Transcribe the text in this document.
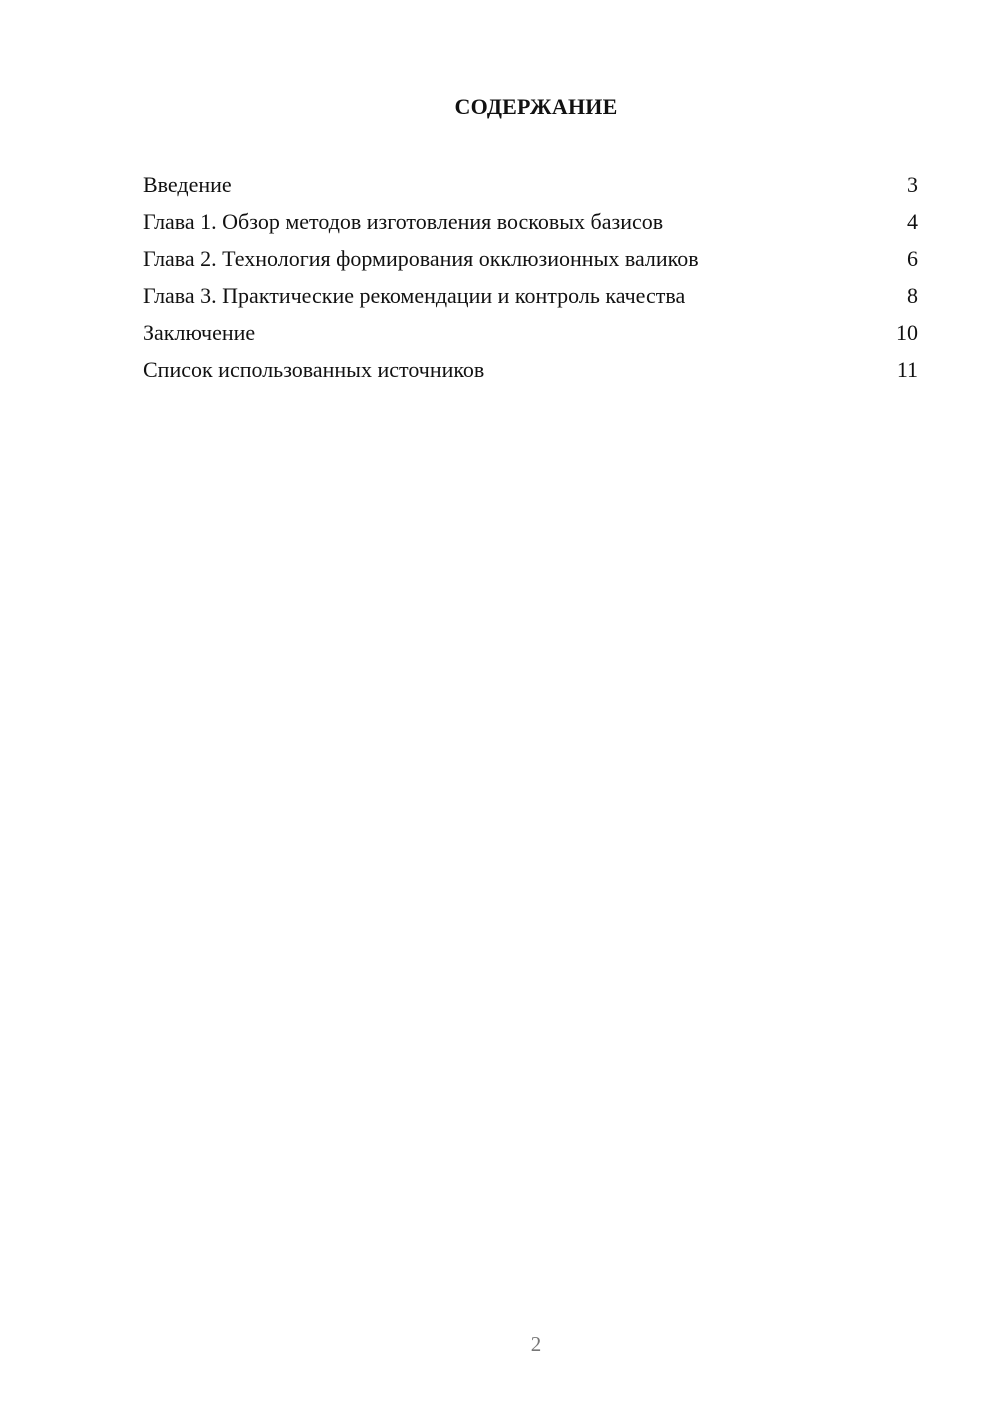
СОДЕРЖАНИЕ
Введение	3
Глава 1. Обзор методов изготовления восковых базисов	4
Глава 2. Технология формирования окклюзионных валиков	6
Глава 3. Практические рекомендации и контроль качества	8
Заключение	10
Список использованных источников	11
2
